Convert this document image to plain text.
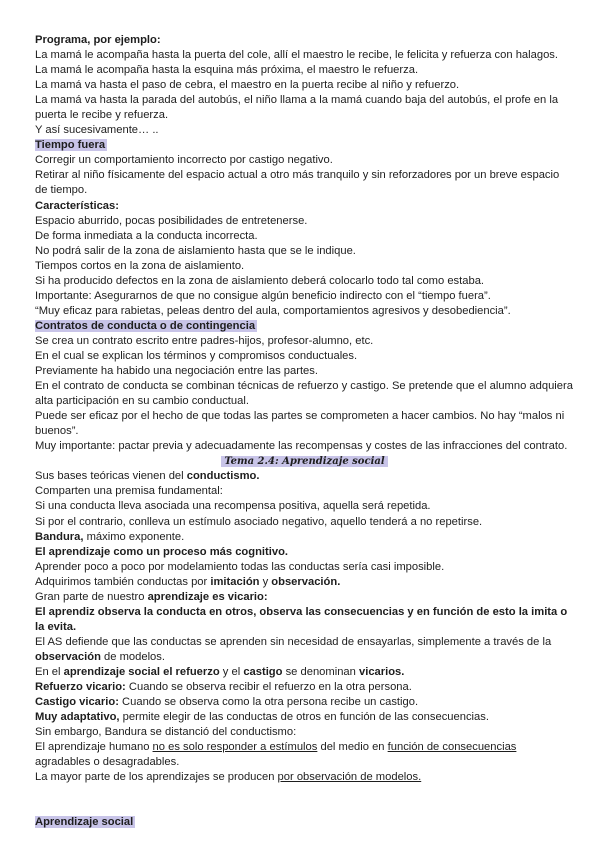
Programa, por ejemplo:
La mamá le acompaña hasta la puerta del cole, allí el maestro le recibe, le felicita y refuerza con halagos.
La mamá le acompaña hasta la esquina más próxima, el maestro le refuerza.
La mamá va hasta el paso de cebra, el maestro en la puerta recibe al niño y refuerzo.
La mamá va hasta la parada del autobús, el niño llama a la mamá cuando baja del autobús, el profe en la puerta le recibe y refuerza.
Y así sucesivamente… ..
Tiempo fuera
Corregir un comportamiento incorrecto por castigo negativo.
Retirar al niño físicamente del espacio actual a otro más tranquilo y sin reforzadores por un breve espacio de tiempo.
Características:
Espacio aburrido, pocas posibilidades de entretenerse.
De forma inmediata a la conducta incorrecta.
No podrá salir de la zona de aislamiento hasta que se le indique.
Tiempos cortos en la zona de aislamiento.
Si ha producido defectos en la zona de aislamiento deberá colocarlo todo tal como estaba.
Importante: Asegurarnos de que no consigue algún beneficio indirecto con el “tiempo fuera”.
“Muy eficaz para rabietas, peleas dentro del aula, comportamientos agresivos y desobediencia”.
Contratos de conducta o de contingencia
Se crea un contrato escrito entre padres-hijos, profesor-alumno, etc.
En el cual se explican los términos y compromisos conductuales.
Previamente ha habido una negociación entre las partes.
En el contrato de conducta se combinan técnicas de refuerzo y castigo. Se pretende que el alumno adquiera alta participación en su cambio conductual.
Puede ser eficaz por el hecho de que todas las partes se comprometen a hacer cambios. No hay “malos ni buenos”.
Muy importante: pactar previa y adecuadamente las recompensas y costes de las infracciones del contrato.
Tema 2.4: Aprendizaje social
Sus bases teóricas vienen del conductismo.
Comparten una premisa fundamental:
Si una conducta lleva asociada una recompensa positiva, aquella será repetida.
Si por el contrario, conlleva un estímulo asociado negativo, aquello tenderá a no repetirse.
Bandura, máximo exponente.
El aprendizaje como un proceso más cognitivo.
Aprender poco a poco por modelamiento todas las conductas sería casi imposible.
Adquirimos también conductas por imitación y observación.
Gran parte de nuestro aprendizaje es vicario:
El aprendiz observa la conducta en otros, observa las consecuencias y en función de esto la imita o la evita.
El AS defiende que las conductas se aprenden sin necesidad de ensayarlas, simplemente a través de la observación de modelos.
En el aprendizaje social el refuerzo y el castigo se denominan vicarios.
Refuerzo vicario: Cuando se observa recibir el refuerzo en la otra persona.
Castigo vicario: Cuando se observa como la otra persona recibe un castigo.
Muy adaptativo, permite elegir de las conductas de otros en función de las consecuencias.
Sin embargo, Bandura se distanció del conductismo:
El aprendizaje humano no es solo responder a estímulos del medio en función de consecuencias agradables o desagradables.
La mayor parte de los aprendizajes se producen por observación de modelos.
Aprendizaje social
